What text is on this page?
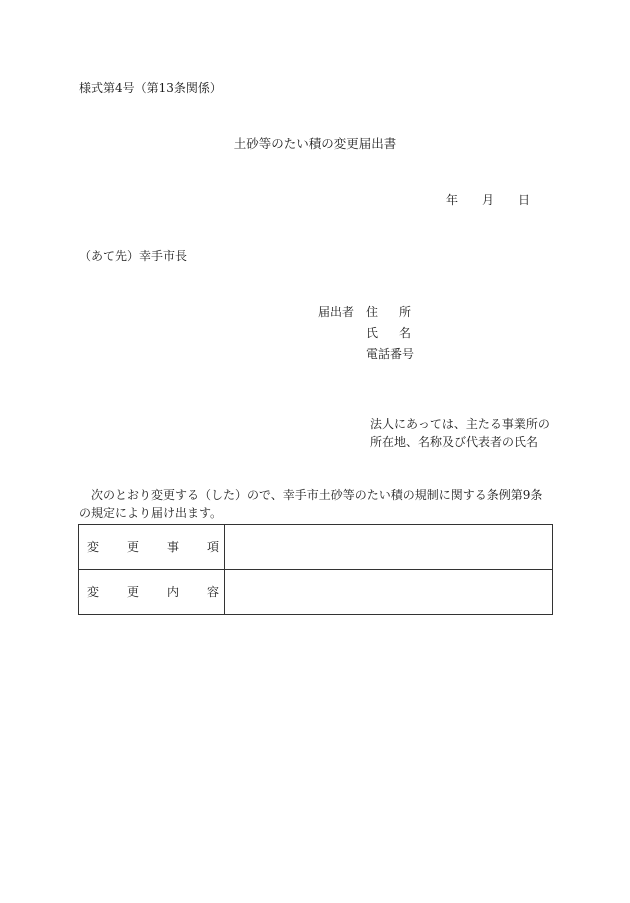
様式第4号（第13条関係）
土砂等のたい積の変更届出書
年 月 日
（あて先）幸手市長
届出者 住所
氏名
電話番号
法人にあっては、主たる事業所の
所在地、名称及び代表者の氏名
次のとおり変更する（した）ので、幸手市土砂等のたい積の規制に関する条例第9条の規定により届け出ます。
変 更 事 項	

変 更 内 容	
